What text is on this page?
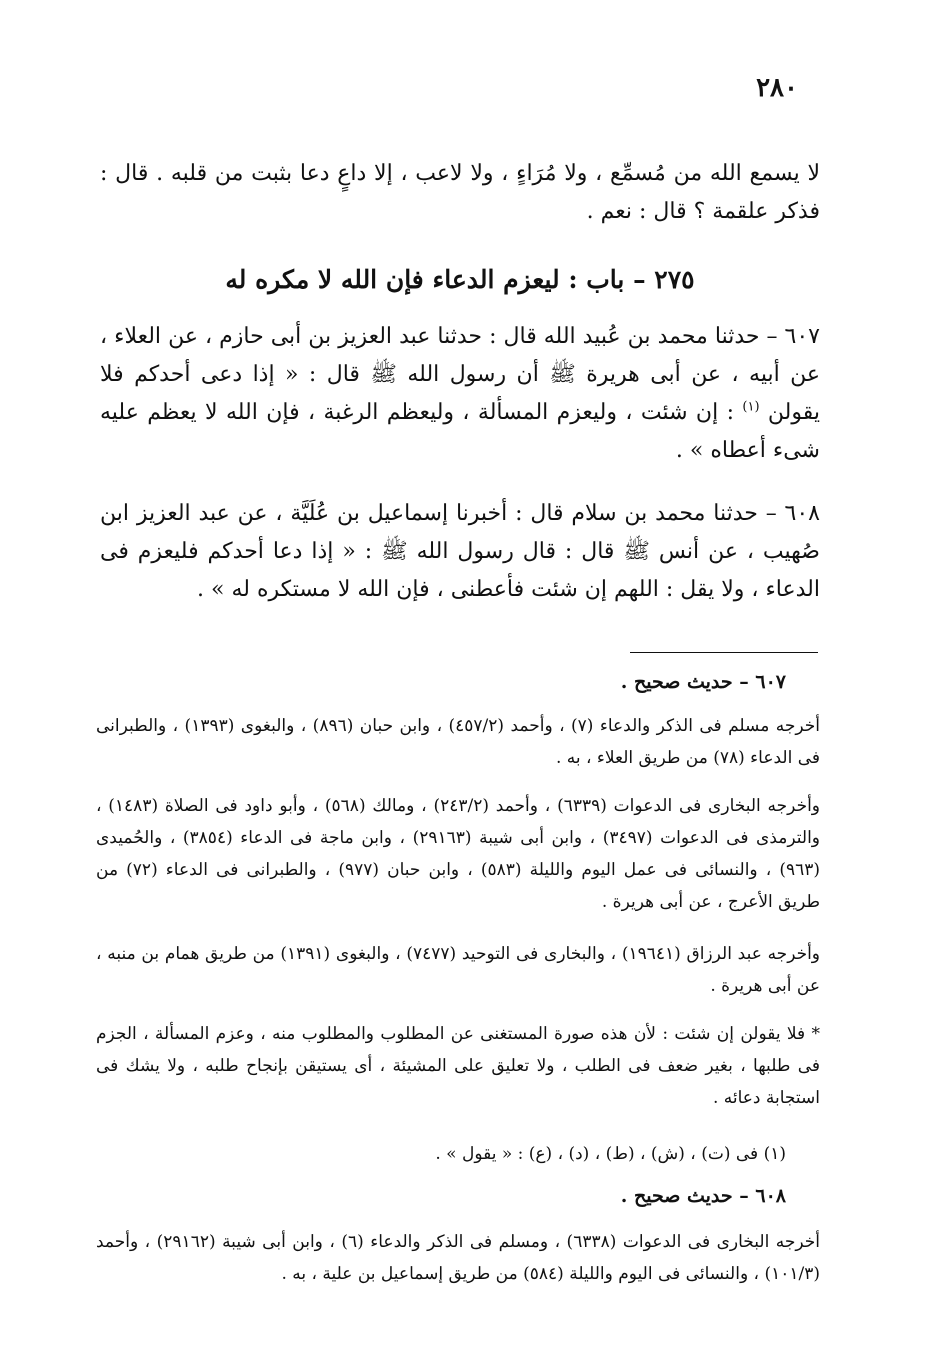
٢٨٠

لا يسمع الله من مُسمِّع ، ولا مُرَاءٍ ، ولا لاعب ، إلا داعٍ دعا بثبت من قلبه . قال : فذكر علقمة ؟ قال : نعم .

٢٧٥ – باب : ليعزم الدعاء فإن الله لا مكره له

٦٠٧ – حدثنا محمد بن عُبيد الله قال : حدثنا عبد العزيز بن أبى حازم ، عن العلاء ، عن أبيه ، عن أبى هريرة ﷺ أن رسول الله ﷺ قال : « إذا دعى أحدكم فلا يقولن $^{(١)}$ : إن شئت ، وليعزم المسألة ، وليعظم الرغبة ، فإن الله لا يعظم عليه شىء أعطاه » .

٦٠٨ – حدثنا محمد بن سلام قال : أخبرنا إسماعيل بن عُلَيَّة ، عن عبد العزيز ابن صُهيب ، عن أنس ﷺ قال : قال رسول الله ﷺ : « إذا دعا أحدكم فليعزم فى الدعاء ، ولا يقل : اللهم إن شئت فأعطنى ، فإن الله لا مستكره له » .

٦٠٧ – حديث صحيح .

أخرجه مسلم فى الذكر والدعاء (٧) ، وأحمد (٤٥٧/٢) ، وابن حبان (٨٩٦) ، والبغوى (١٣٩٣) ، والطبرانى فى الدعاء (٧٨) من طريق العلاء ، به .

وأخرجه البخارى فى الدعوات (٦٣٣٩) ، وأحمد (٢٤٣/٢) ، ومالك (٥٦٨) ، وأبو داود فى الصلاة (١٤٨٣) ، والترمذى فى الدعوات (٣٤٩٧) ، وابن أبى شيبة (٢٩١٦٣) ، وابن ماجة فى الدعاء (٣٨٥٤) ، والحُميدى (٩٦٣) ، والنسائى فى عمل اليوم والليلة (٥٨٣) ، وابن حبان (٩٧٧) ، والطبرانى فى الدعاء (٧٢) من طريق الأعرج ، عن أبى هريرة .

وأخرجه عبد الرزاق (١٩٦٤١) ، والبخارى فى التوحيد (٧٤٧٧) ، والبغوى (١٣٩١) من طريق همام بن منبه ، عن أبى هريرة .

* فلا يقولن إن شئت : لأن هذه صورة المستغنى عن المطلوب والمطلوب منه ، وعزم المسألة ، الجزم فى طلبها ، بغير ضعف فى الطلب ، ولا تعليق على المشيئة ، أى يستيقن بإنجاح طلبه ، ولا يشك فى استجابة دعائه .

(١) فى (ت) ، (ش) ، (ط) ، (د) ، (ع) : « يقول » .

٦٠٨ – حديث صحيح .

أخرجه البخارى فى الدعوات (٦٣٣٨) ، ومسلم فى الذكر والدعاء (٦) ، وابن أبى شيبة (٢٩١٦٢) ، وأحمد (١٠١/٣) ، والنسائى فى اليوم والليلة (٥٨٤) من طريق إسماعيل بن علية ، به .
